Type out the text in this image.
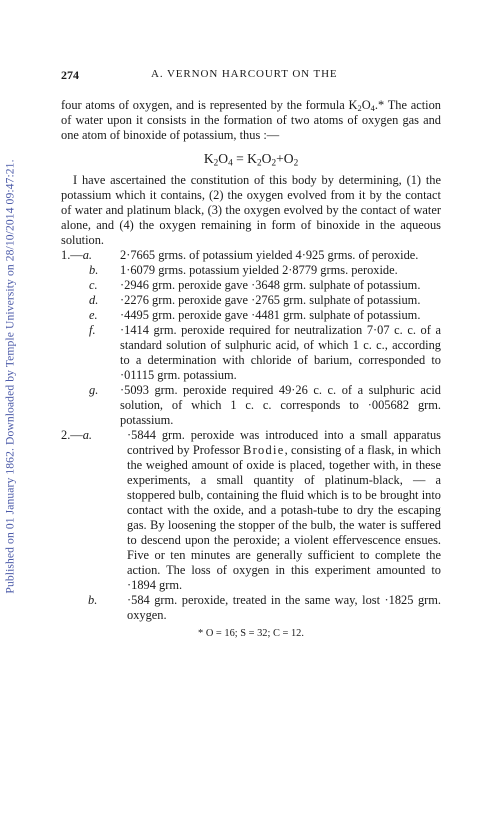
Published on 01 January 1862. Downloaded by Temple University on 28/10/2014 09:47:21.
274	A. VERNON HARCOURT ON THE

four atoms of oxygen, and is represented by the formula $K_2O_4.*$ The action of water upon it consists in the formation of two atoms of oxygen gas and one atom of binoxide of potassium, thus :—

$K_2O_4 = K_2O_2+O_2$

I have ascertained the constitution of this body by determining, (1) the potassium which it contains, (2) the oxygen evolved from it by the contact of water and platinum black, (3) the oxygen evolved by the contact of water alone, and (4) the oxygen remaining in form of binoxide in the aqueous solution.

1.—a. 2·7665 grms. of potassium yielded 4·925 grms. of peroxide.
b. 1·6079 grms. potassium yielded 2·8779 grms. peroxide.
c. ·2946 grm. peroxide gave ·3648 grm. sulphate of potassium.
d. ·2276 grm. peroxide gave ·2765 grm. sulphate of potassium.
e. ·4495 grm. peroxide gave ·4481 grm. sulphate of potassium.
f. ·1414 grm. peroxide required for neutralization 7·07 c. c. of a standard solution of sulphuric acid, of which 1 c. c., according to a determination with chloride of barium, corresponded to ·01115 grm. potassium.
g. ·5093 grm. peroxide required 49·26 c. c. of a sulphuric acid solution, of which 1 c. c. corresponds to ·005682 grm. potassium.
2.—a.	·5844 grm. peroxide was introduced into a small apparatus contrived by Professor Brodie, consisting of a flask, in which the weighed amount of oxide is placed, together with, in these experiments, a small quantity of platinum-black, — a stoppered bulb, containing the fluid which is to be brought into contact with the oxide, and a potash-tube to dry the escaping gas. By loosening the stopper of the bulb, the water is suffered to descend upon the peroxide; a violent effervescence ensues. Five or ten minutes are generally sufficient to complete the action. The loss of oxygen in this experiment amounted to ·1894 grm.
b. ·584 grm. peroxide, treated in the same way, lost ·1825 grm. oxygen.
* O = 16; S = 32; C = 12.
